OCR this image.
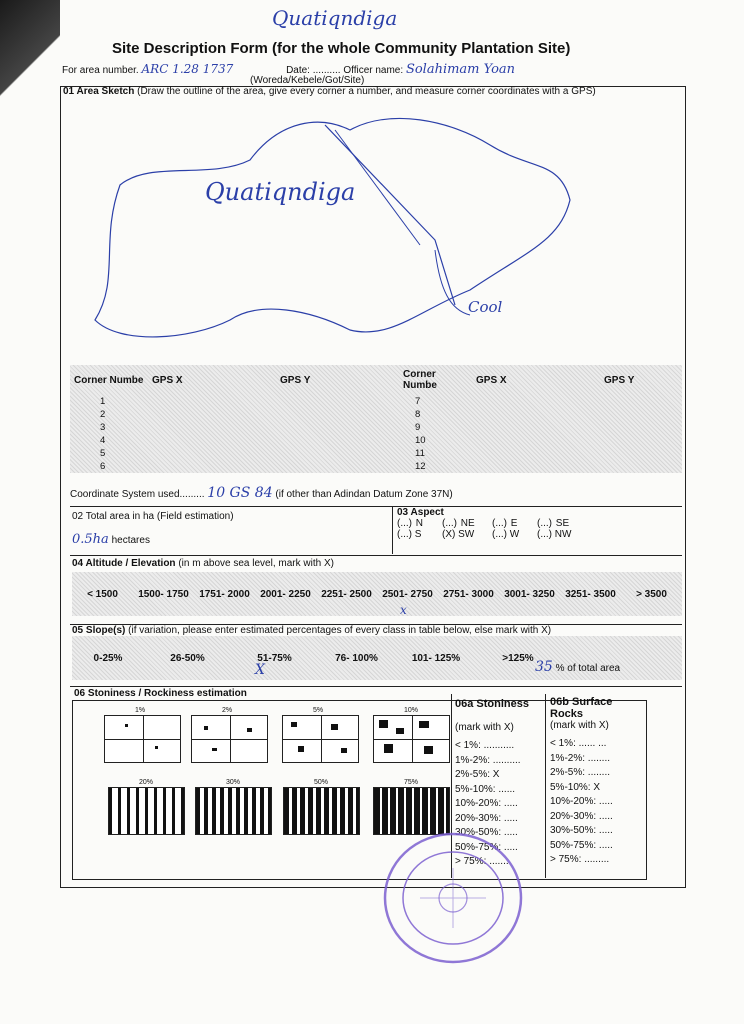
Quatiqndiga
Site Description Form (for the whole Community Plantation Site)
For area number. ARC 1.28 1737	Date: .......... Officer name: Solahimam Yoan
(Woreda/Kebele/Got/Site)
01 Area Sketch (Draw the outline of the area, give every corner a number, and measure corner coordinates with a GPS)
Quatiqndiga
Cool
Corner Numbe	GPS X	GPS Y	Corner Numbe	GPS X	GPS Y
1			7		
2			8		
3			9		
4			10		
5			11		
6			12		
Coordinate System used......... 10 GS 84 (if other than Adindan Datum Zone 37N)
02 Total area in ha (Field estimation)
0.5ha hectares
03 Aspect
(...) N (...) NE (...) E (...) SE
(...) S (X) SW (...) W (...) NW
04 Altitude / Elevation (in m above sea level, mark with X)
< 1500	1500- 1750	1751- 2000	2001- 2250	2251- 2500	2501- 2750	2751- 3000	3001- 3250	3251- 3500	> 3500
x
05 Slope(s) (if variation, please enter estimated percentages of every class in table below, else mark with X)
0-25%	26-50%	51-75%	76- 100%	101- 125%	>125%	
X	35 % of total area
06 Stoniness / Rockiness estimation
1%	2%	5%	10%
20%	30%	50%	75%
06a Stoniness
(mark with X)
< 1%: ...........
1%-2%: ..........
2%-5%: X
5%-10%: ......
10%-20%: .....
20%-30%: .....
30%-50%: .....
50%-75%: .....
> 75%: .......
06b Surface Rocks
(mark with X)
< 1%: ...... ...
1%-2%: ........
2%-5%: ........
5%-10%: X
10%-20%: .....
20%-30%: .....
30%-50%: .....
50%-75%: .....
> 75%: .........
